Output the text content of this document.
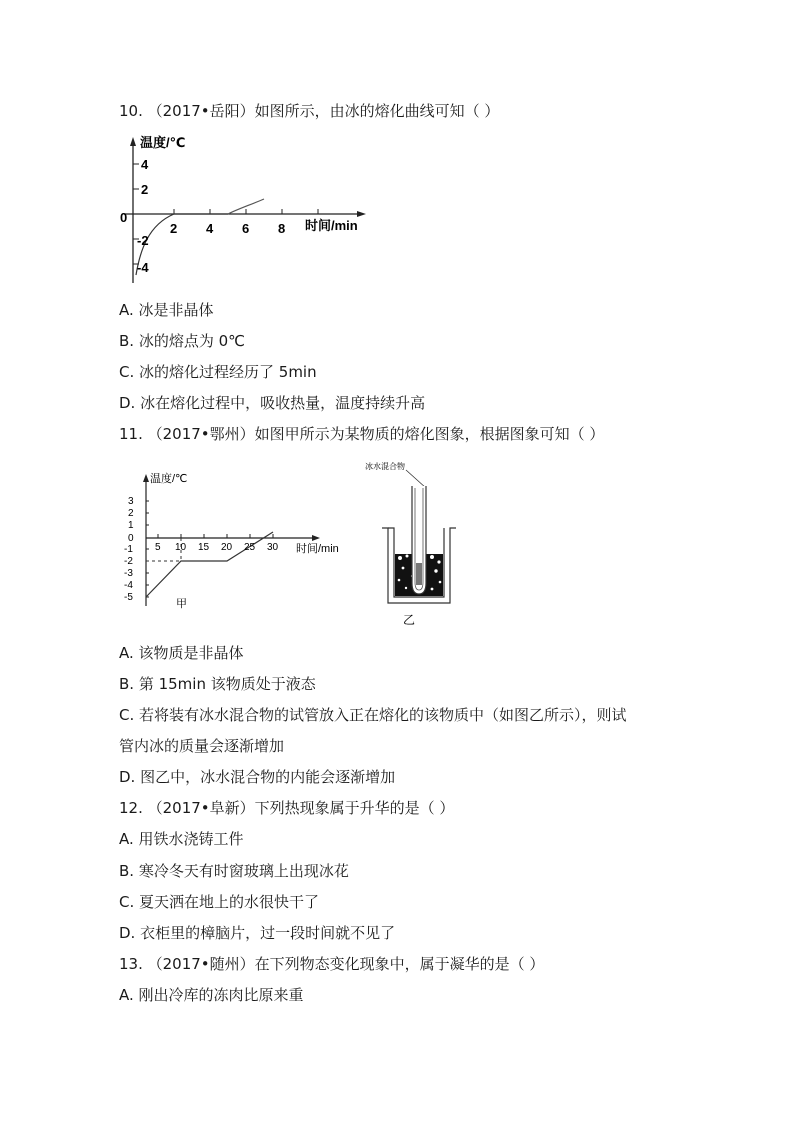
10. （2017•岳阳）如图所示，由冰的熔化曲线可知（ ）
温度/℃
时间/min
0
2 4 6 8
4
2
-2
-4
A. 冰是非晶体
B. 冰的熔点为 0℃
C. 冰的熔化过程经历了 5min
D. 冰在熔化过程中，吸收热量，温度持续升高
11. （2017•鄂州）如图甲所示为某物质的熔化图象，根据图象可知（ ）
温度/℃
时间/min
5 10 15 20 25 30
3
2
1
0
-1
-2
-3
-4
-5
甲
冰水混合物
乙
A. 该物质是非晶体
B. 第 15min 该物质处于液态
C. 若将装有冰水混合物的试管放入正在熔化的该物质中（如图乙所示），则试
管内冰的质量会逐渐增加
D. 图乙中，冰水混合物的内能会逐渐增加
12. （2017•阜新）下列热现象属于升华的是（ ）
A. 用铁水浇铸工件
B. 寒冷冬天有时窗玻璃上出现冰花
C. 夏天洒在地上的水很快干了
D. 衣柜里的樟脑片，过一段时间就不见了
13. （2017•随州）在下列物态变化现象中，属于凝华的是（ ）
A. 刚出冷库的冻肉比原来重
